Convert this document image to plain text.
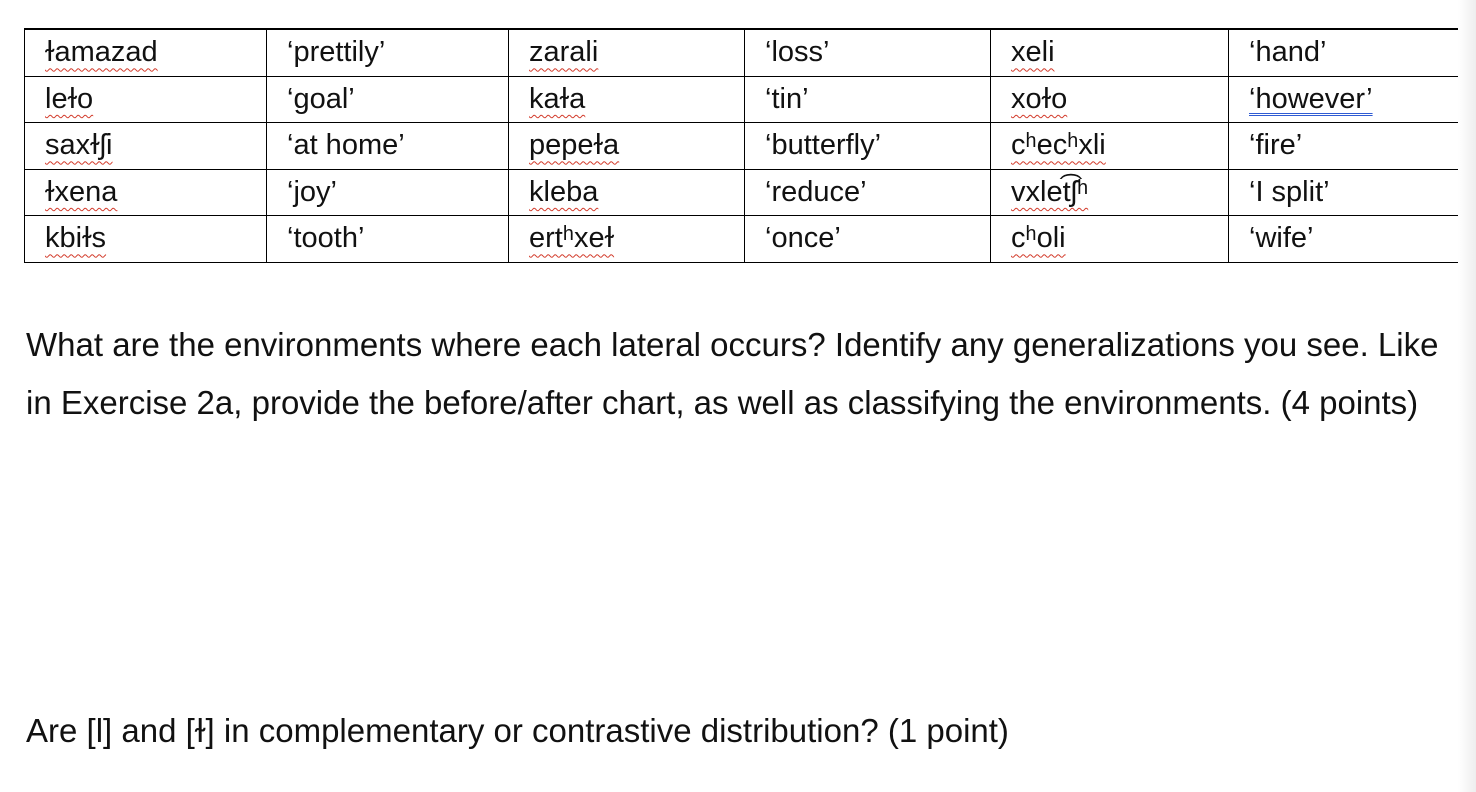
ɫamazad	‘prettily’	zarali	‘loss’	xeli	‘hand’
leɫo	‘goal’	kaɫa	‘tin’	xoɫo	‘however’
saxɫʃi	‘at home’	pepeɫa	‘butterfly’	cʰecʰxli	‘fire’
ɫxena	‘joy’	kleba	‘reduce’	vxlet͡ʃʰ	‘I split’
kbiɫs	‘tooth’	ertʰxeɫ	‘once’	cʰoli	‘wife’

What are the environments where each lateral occurs? Identify any generalizations you see. Like in Exercise 2a, provide the before/after chart, as well as classifying the environments. (4 points)

Are [l] and [ɫ] in complementary or contrastive distribution? (1 point)
